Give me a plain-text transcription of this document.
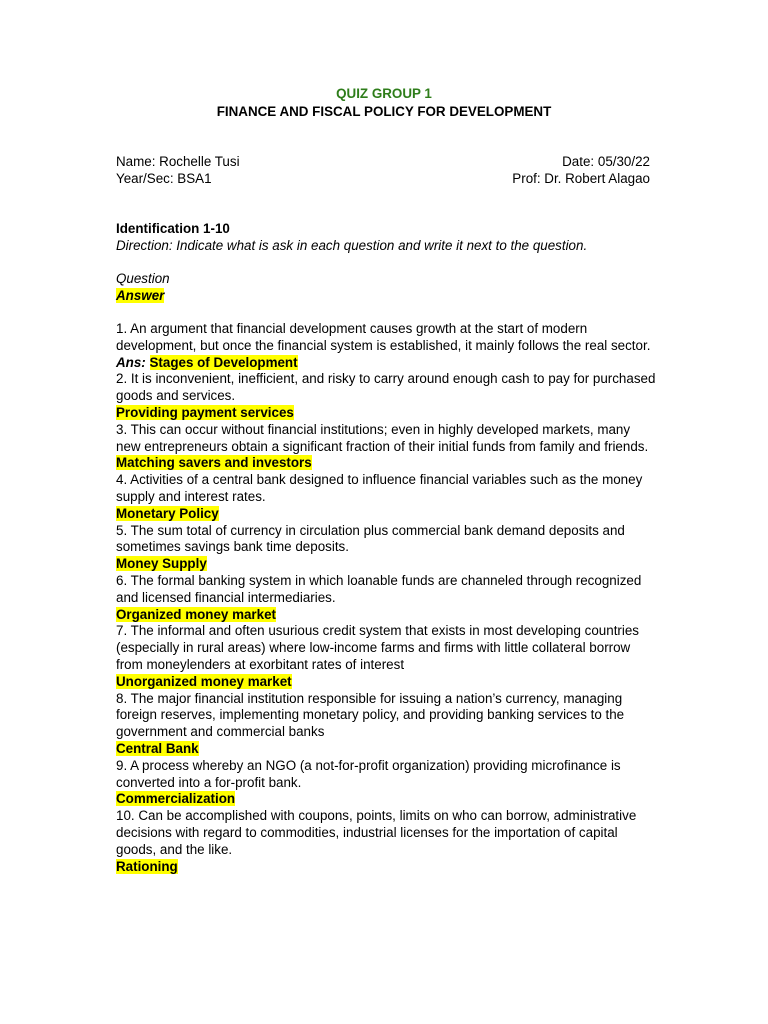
QUIZ GROUP 1
FINANCE AND FISCAL POLICY FOR DEVELOPMENT
Name: Rochelle Tusi	Date: 05/30/22
Year/Sec: BSA1	Prof: Dr. Robert Alagao
Identification 1-10
Direction: Indicate what is ask in each question and write it next to the question.
Question
Answer

1. An argument that financial development causes growth at the start of modern development, but once the financial system is established, it mainly follows the real sector.

Ans: Stages of Development

2. It is inconvenient, inefficient, and risky to carry around enough cash to pay for purchased goods and services.

Providing payment services

3. This can occur without financial institutions; even in highly developed markets, many new entrepreneurs obtain a significant fraction of their initial funds from family and friends.

Matching savers and investors

4. Activities of a central bank designed to influence financial variables such as the money supply and interest rates.

Monetary Policy

5. The sum total of currency in circulation plus commercial bank demand deposits and sometimes savings bank time deposits.

Money Supply

6. The formal banking system in which loanable funds are channeled through recognized and licensed financial intermediaries.

Organized money market

7. The informal and often usurious credit system that exists in most developing countries (especially in rural areas) where low-income farms and firms with little collateral borrow from moneylenders at exorbitant rates of interest

Unorganized money market

8. The major financial institution responsible for issuing a nation’s currency, managing foreign reserves, implementing monetary policy, and providing banking services to the government and commercial banks

Central Bank

9. A process whereby an NGO (a not-for-profit organization) providing microfinance is converted into a for-profit bank.

Commercialization

10. Can be accomplished with coupons, points, limits on who can borrow, administrative decisions with regard to commodities, industrial licenses for the importation of capital goods, and the like.

Rationing
